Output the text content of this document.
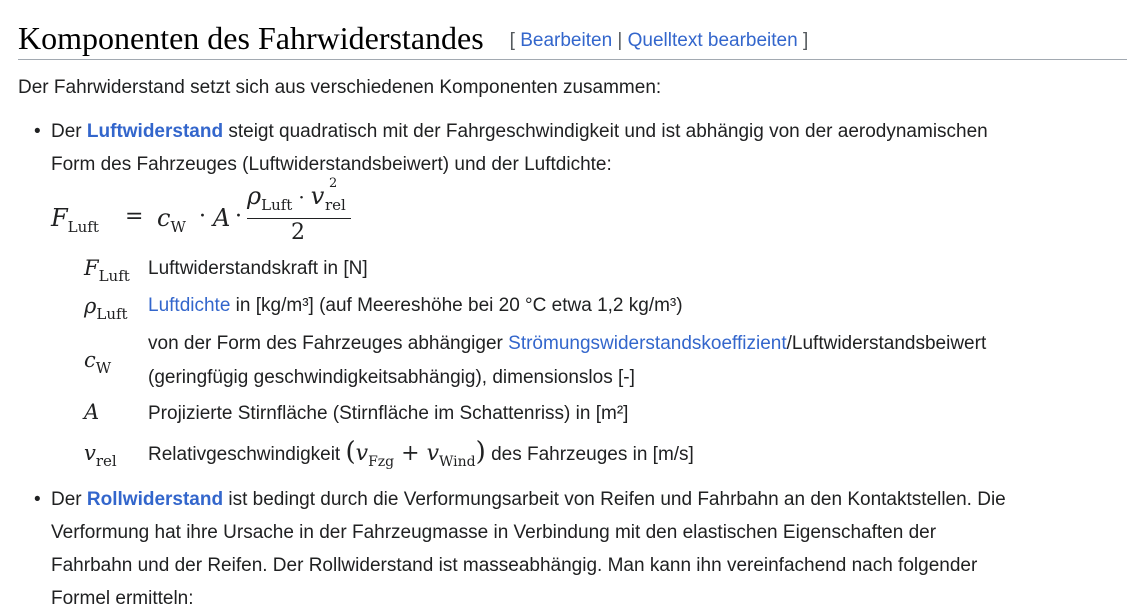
Komponenten des Fahrwiderstandes [ Bearbeiten | Quelltext bearbeiten ]
Der Fahrwiderstand setzt sich aus verschiedenen Komponenten zusammen:
• Der Luftwiderstand steigt quadratisch mit der Fahrgeschwindigkeit und ist abhängig von der aerodynamischen
Form des Fahrzeuges (Luftwiderstandsbeiwert) und der Luftdichte:
$F_{Luft} = c_W \cdot A$ ·
$\rho_{Luft} \cdot v$ 2
rel
2
$F_{Luft}$ Luftwiderstandskraft in [N]
$\rho_{Luft}$ Luftdichte in [kg/m³] (auf Meereshöhe bei 20 °C etwa 1,2 kg/m³)
$c_W$
von der Form des Fahrzeuges abhängiger Strömungswiderstandskoeffizient/Luftwiderstandsbeiwert
(geringfügig geschwindigkeitsabhängig), dimensionslos [-]
A	Projizierte Stirnfläche (Stirnfläche im Schattenriss) in [m²]
$v_{rel}$ Relativgeschwindigkeit $(v_{Fzg} + v_{Wind})$ des Fahrzeuges in [m/s]
• Der Rollwiderstand ist bedingt durch die Verformungsarbeit von Reifen und Fahrbahn an den Kontaktstellen. Die
Verformung hat ihre Ursache in der Fahrzeugmasse in Verbindung mit den elastischen Eigenschaften der
Fahrbahn und der Reifen. Der Rollwiderstand ist masseabhängig. Man kann ihn vereinfachend nach folgender
Formel ermitteln:
